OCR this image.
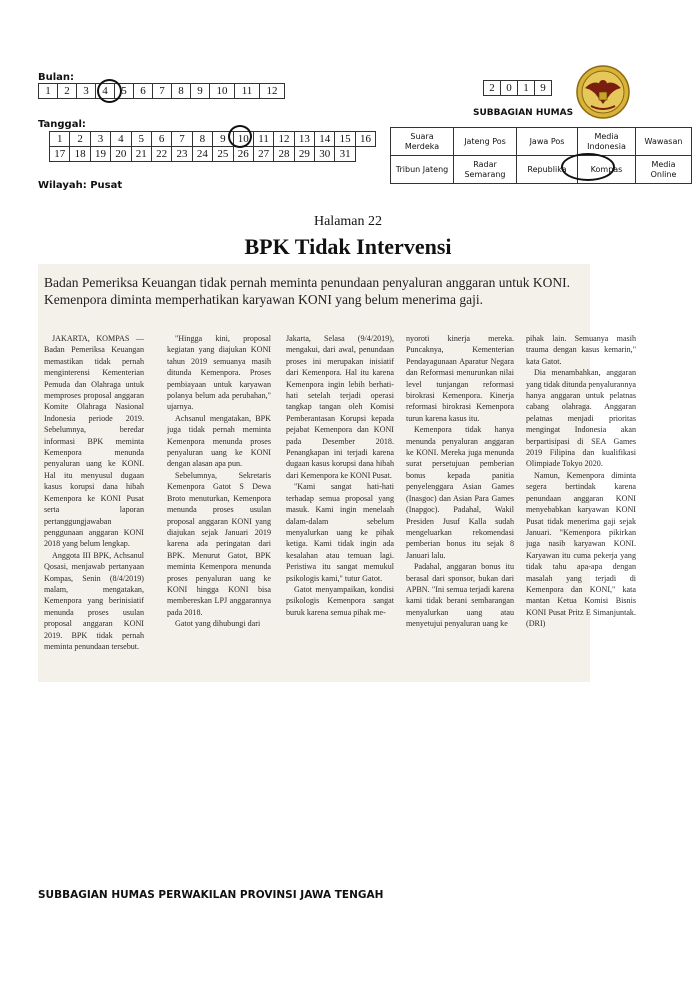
Bulan:
1	2	3	4	5	6	7	8	9	10	11	12
Tanggal:
1	2	3	4	5	6	7	8	9	10	11	12	13	14	15	16
17	18	19	20	21	22	23	24	25	26	27	28	29	30	31	
Wilayah: Pusat
2	0	1	9
SUBBAGIAN HUMAS
Suara Merdeka	Jateng Pos	Jawa Pos	Media Indonesia	Wawasan
Tribun Jateng	Radar Semarang	Republika	Kompas	Media Online
Halaman 22
BPK Tidak Intervensi
Badan Pemeriksa Keuangan tidak pernah meminta penundaan penyaluran anggaran untuk KONI. Kemenpora diminta memperhatikan karyawan KONI yang belum menerima gaji.

JAKARTA, KOMPAS — Badan Pemeriksa Keuangan memastikan tidak pernah menginterensi Kementerian Pemuda dan Olahraga untuk memproses proposal anggaran Komite Olahraga Nasional Indonesia periode 2019. Sebelumnya, beredar informasi BPK meminta Kemenpora menunda penyaluran uang ke KONI. Hal itu menyusul dugaan kasus korupsi dana hibah Kemenpora ke KONI Pusat serta laporan pertanggungjawaban penggunaan anggaran KONI 2018 yang belum lengkap.

Anggota III BPK, Achsanul Qosasi, menjawab pertanyaan Kompas, Senin (8/4/2019) malam, mengatakan, Kemenpora yang berinisiatif menunda proses usulan proposal anggaran KONI 2019. BPK tidak pernah meminta penundaan tersebut.

"Hingga kini, proposal kegiatan yang diajukan KONI tahun 2019 semuanya masih ditunda Kemenpora. Proses pembiayaan untuk karyawan polanya belum ada perubahan," ujarnya.

Achsanul mengatakan, BPK juga tidak pernah meminta Kemenpora menunda proses penyaluran uang ke KONI dengan alasan apa pun.

Sebelumnya, Sekretaris Kemenpora Gatot S Dewa Broto menuturkan, Kemenpora menunda proses usulan proposal anggaran KONI yang diajukan sejak Januari 2019 karena ada peringatan dari BPK. Menurut Gatot, BPK meminta Kemenpora menunda proses penyaluran uang ke KONI hingga KONI bisa membereskan LPJ anggarannya pada 2018.

Gatot yang dihubungi dari

Jakarta, Selasa (9/4/2019), mengakui, dari awal, penundaan proses ini merupakan inisiatif dari Kemenpora. Hal itu karena Kemenpora ingin lebih berhati-hati setelah terjadi operasi tangkap tangan oleh Komisi Pemberantasan Korupsi kepada pejabat Kemenpora dan KONI pada Desember 2018. Penangkapan ini terjadi karena dugaan kasus korupsi dana hibah dari Kemenpora ke KONI Pusat.

"Kami sangat hati-hati terhadap semua proposal yang masuk. Kami ingin menelaah dalam-dalam sebelum menyalurkan uang ke pihak ketiga. Kami tidak ingin ada kesalahan atau temuan lagi. Peristiwa itu sangat memukul psikologis kami," tutur Gatot.

Gatot menyampaikan, kondisi psikologis Kemenpora sangat buruk karena semua pihak me-

nyoroti kinerja mereka. Puncaknya, Kementerian Pendayagunaan Aparatur Negara dan Reformasi menurunkan nilai level tunjangan reformasi birokrasi Kemenpora. Kinerja reformasi birokrasi Kemenpora turun karena kasus itu.

Kemenpora tidak hanya menunda penyaluran anggaran ke KONI. Mereka juga menunda surat persetujuan pemberian bonus kepada panitia penyelenggara Asian Games (Inasgoc) dan Asian Para Games (Inapgoc). Padahal, Wakil Presiden Jusuf Kalla sudah mengeluarkan rekomendasi pemberian bonus itu sejak 8 Januari lalu.

Padahal, anggaran bonus itu berasal dari sponsor, bukan dari APBN. "Ini semua terjadi karena kami tidak berani sembarangan menyalurkan uang atau menyetujui penyaluran uang ke

pihak lain. Semuanya masih trauma dengan kasus kemarin," kata Gatot.

Dia menambahkan, anggaran yang tidak ditunda penyalurannya hanya anggaran untuk pelatnas cabang olahraga. Anggaran pelatnas menjadi prioritas mengingat Indonesia akan berpartisipasi di SEA Games 2019 Filipina dan kualifikasi Olimpiade Tokyo 2020.

Namun, Kemenpora diminta segera bertindak karena penundaan anggaran KONI menyebabkan karyawan KONI Pusat tidak menerima gaji sejak Januari. "Kemenpora pikirkan juga nasib karyawan KONI. Karyawan itu cuma pekerja yang tidak tahu apa-apa dengan masalah yang terjadi di Kemenpora dan KONI," kata mantan Ketua Komisi Bisnis KONI Pusat Pritz E Simanjuntak. (DRI)

SUBBAGIAN HUMAS PERWAKILAN PROVINSI JAWA TENGAH
